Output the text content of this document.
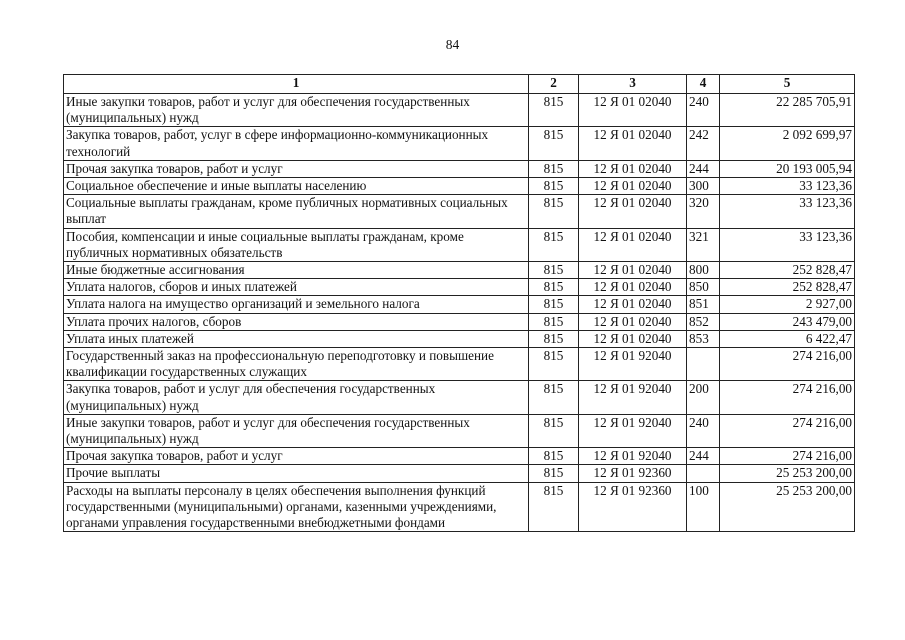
84
1	2	3	4	5
Иные закупки товаров, работ и услуг для обеспечения государственных (муниципальных) нужд	815	12 Я 01 02040	240	22 285 705,91
Закупка товаров, работ, услуг в сфере информационно-коммуникационных технологий	815	12 Я 01 02040	242	2 092 699,97
Прочая закупка товаров, работ и услуг	815	12 Я 01 02040	244	20 193 005,94
Социальное обеспечение и иные выплаты населению	815	12 Я 01 02040	300	33 123,36
Социальные выплаты гражданам, кроме публичных нормативных социальных выплат	815	12 Я 01 02040	320	33 123,36
Пособия, компенсации и иные социальные выплаты гражданам, кроме публичных нормативных обязательств	815	12 Я 01 02040	321	33 123,36
Иные бюджетные ассигнования	815	12 Я 01 02040	800	252 828,47
Уплата налогов, сборов и иных платежей	815	12 Я 01 02040	850	252 828,47
Уплата налога на имущество организаций и земельного налога	815	12 Я 01 02040	851	2 927,00
Уплата прочих налогов, сборов	815	12 Я 01 02040	852	243 479,00
Уплата иных платежей	815	12 Я 01 02040	853	6 422,47
Государственный заказ на профессиональную переподготовку и повышение квалификации государственных служащих	815	12 Я 01 92040		274 216,00
Закупка товаров, работ и услуг для обеспечения государственных (муниципальных) нужд	815	12 Я 01 92040	200	274 216,00
Иные закупки товаров, работ и услуг для обеспечения государственных (муниципальных) нужд	815	12 Я 01 92040	240	274 216,00
Прочая закупка товаров, работ и услуг	815	12 Я 01 92040	244	274 216,00
Прочие выплаты	815	12 Я 01 92360		25 253 200,00
Расходы на выплаты персоналу в целях обеспечения выполнения функций государственными (муниципальными) органами, казенными учреждениями, органами управления государственными внебюджетными фондами	815	12 Я 01 92360	100	25 253 200,00
